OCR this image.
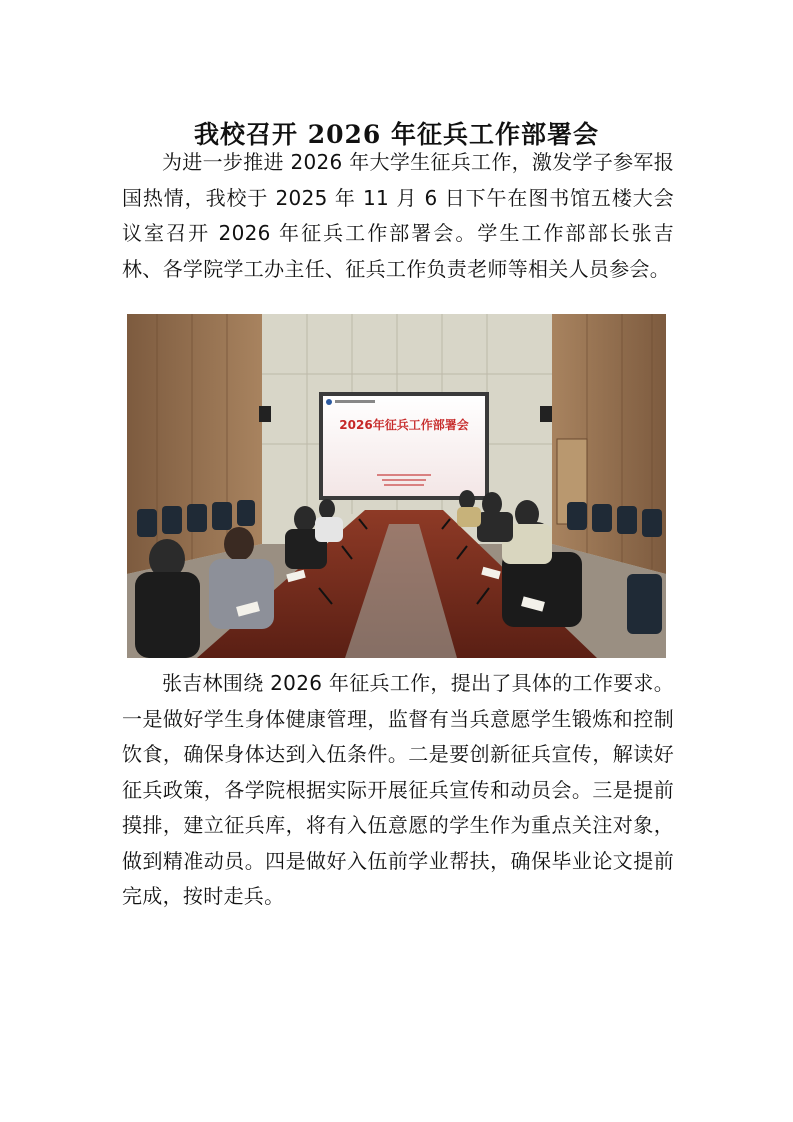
我校召开 2026 年征兵工作部署会

为进一步推进 2026 年大学生征兵工作，激发学子参军报国热情，我校于 2025 年 11 月 6 日下午在图书馆五楼大会议室召开 2026 年征兵工作部署会。学生工作部部长张吉林、各学院学工办主任、征兵工作负责老师等相关人员参会。

2026年征兵工作部署会

张吉林围绕 2026 年征兵工作，提出了具体的工作要求。一是做好学生身体健康管理，监督有当兵意愿学生锻炼和控制饮食，确保身体达到入伍条件。二是要创新征兵宣传，解读好征兵政策，各学院根据实际开展征兵宣传和动员会。三是提前摸排，建立征兵库，将有入伍意愿的学生作为重点关注对象，做到精准动员。四是做好入伍前学业帮扶，确保毕业论文提前完成，按时走兵。
